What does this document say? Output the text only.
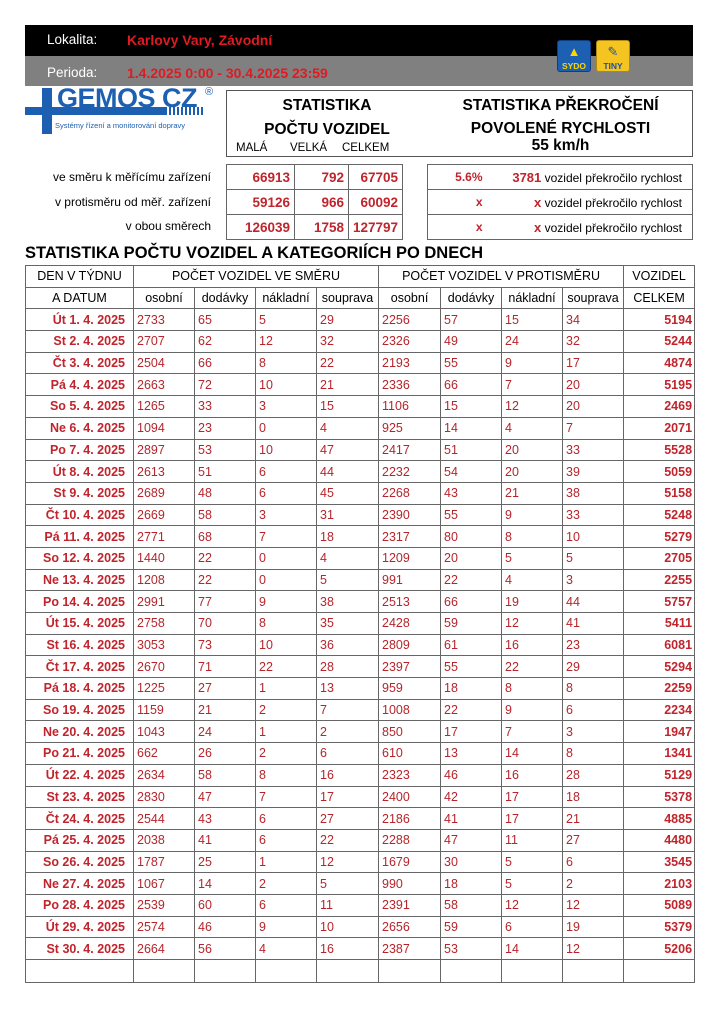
Lokalita: Karlovy Vary, Závodní
Perioda: 1.4.2025 0:00 - 30.4.2025 23:59
▲
SYDO
✎
TINY
GEMOS CZ ®
Systémy řízení a monitorování dopravy
STATISTIKA
POČTU VOZIDEL
MALÁ VELKÁ CELKEM
STATISTIKA PŘEKROČENÍ
POVOLENÉ RYCHLOSTI
55 km/h
ve směru k měřícímu zařízení
v protisměru od měř. zařízení
v obou směrech
66913	792	67705
59126	966	60092
126039	1758	127797
5.6%	3781 vozidel překročilo rychlost
x	x vozidel překročilo rychlost
x	x vozidel překročilo rychlost
STATISTIKA POČTU VOZIDEL A KATEGORIÍCH PO DNECH
DEN V TÝDNU	POČET VOZIDEL VE SMĚRU				POČET VOZIDEL V PROTISMĚRU				VOZIDEL
A DATUM	osobní	dodávky	nákladní	souprava	osobní	dodávky	nákladní	souprava	CELKEM
Út 1. 4. 2025	2733	65	5	29	2256	57	15	34	5194
St 2. 4. 2025	2707	62	12	32	2326	49	24	32	5244
Čt 3. 4. 2025	2504	66	8	22	2193	55	9	17	4874
Pá 4. 4. 2025	2663	72	10	21	2336	66	7	20	5195
So 5. 4. 2025	1265	33	3	15	1106	15	12	20	2469
Ne 6. 4. 2025	1094	23	0	4	925	14	4	7	2071
Po 7. 4. 2025	2897	53	10	47	2417	51	20	33	5528
Út 8. 4. 2025	2613	51	6	44	2232	54	20	39	5059
St 9. 4. 2025	2689	48	6	45	2268	43	21	38	5158
Čt 10. 4. 2025	2669	58	3	31	2390	55	9	33	5248
Pá 11. 4. 2025	2771	68	7	18	2317	80	8	10	5279
So 12. 4. 2025	1440	22	0	4	1209	20	5	5	2705
Ne 13. 4. 2025	1208	22	0	5	991	22	4	3	2255
Po 14. 4. 2025	2991	77	9	38	2513	66	19	44	5757
Út 15. 4. 2025	2758	70	8	35	2428	59	12	41	5411
St 16. 4. 2025	3053	73	10	36	2809	61	16	23	6081
Čt 17. 4. 2025	2670	71	22	28	2397	55	22	29	5294
Pá 18. 4. 2025	1225	27	1	13	959	18	8	8	2259
So 19. 4. 2025	1159	21	2	7	1008	22	9	6	2234
Ne 20. 4. 2025	1043	24	1	2	850	17	7	3	1947
Po 21. 4. 2025	662	26	2	6	610	13	14	8	1341
Út 22. 4. 2025	2634	58	8	16	2323	46	16	28	5129
St 23. 4. 2025	2830	47	7	17	2400	42	17	18	5378
Čt 24. 4. 2025	2544	43	6	27	2186	41	17	21	4885
Pá 25. 4. 2025	2038	41	6	22	2288	47	11	27	4480
So 26. 4. 2025	1787	25	1	12	1679	30	5	6	3545
Ne 27. 4. 2025	1067	14	2	5	990	18	5	2	2103
Po 28. 4. 2025	2539	60	6	11	2391	58	12	12	5089
Út 29. 4. 2025	2574	46	9	10	2656	59	6	19	5379
St 30. 4. 2025	2664	56	4	16	2387	53	14	12	5206
